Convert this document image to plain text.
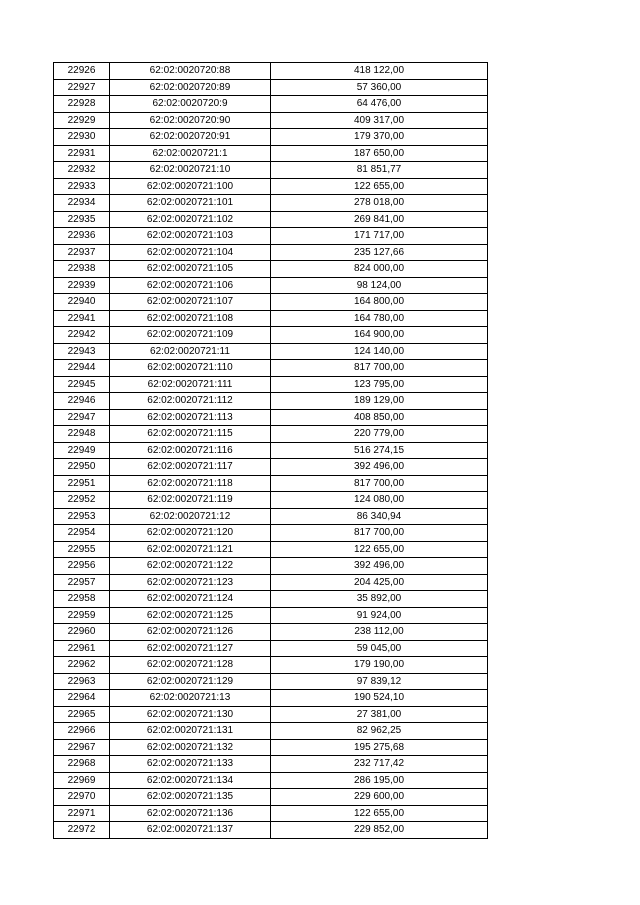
22926	62:02:0020720:88	418 122,00
22927	62:02:0020720:89	57 360,00
22928	62:02:0020720:9	64 476,00
22929	62:02:0020720:90	409 317,00
22930	62:02:0020720:91	179 370,00
22931	62:02:0020721:1	187 650,00
22932	62:02:0020721:10	81 851,77
22933	62:02:0020721:100	122 655,00
22934	62:02:0020721:101	278 018,00
22935	62:02:0020721:102	269 841,00
22936	62:02:0020721:103	171 717,00
22937	62:02:0020721:104	235 127,66
22938	62:02:0020721:105	824 000,00
22939	62:02:0020721:106	98 124,00
22940	62:02:0020721:107	164 800,00
22941	62:02:0020721:108	164 780,00
22942	62:02:0020721:109	164 900,00
22943	62:02:0020721:11	124 140,00
22944	62:02:0020721:110	817 700,00
22945	62:02:0020721:111	123 795,00
22946	62:02:0020721:112	189 129,00
22947	62:02:0020721:113	408 850,00
22948	62:02:0020721:115	220 779,00
22949	62:02:0020721:116	516 274,15
22950	62:02:0020721:117	392 496,00
22951	62:02:0020721:118	817 700,00
22952	62:02:0020721:119	124 080,00
22953	62:02:0020721:12	86 340,94
22954	62:02:0020721:120	817 700,00
22955	62:02:0020721:121	122 655,00
22956	62:02:0020721:122	392 496,00
22957	62:02:0020721:123	204 425,00
22958	62:02:0020721:124	35 892,00
22959	62:02:0020721:125	91 924,00
22960	62:02:0020721:126	238 112,00
22961	62:02:0020721:127	59 045,00
22962	62:02:0020721:128	179 190,00
22963	62:02:0020721:129	97 839,12
22964	62:02:0020721:13	190 524,10
22965	62:02:0020721:130	27 381,00
22966	62:02:0020721:131	82 962,25
22967	62:02:0020721:132	195 275,68
22968	62:02:0020721:133	232 717,42
22969	62:02:0020721:134	286 195,00
22970	62:02:0020721:135	229 600,00
22971	62:02:0020721:136	122 655,00
22972	62:02:0020721:137	229 852,00
